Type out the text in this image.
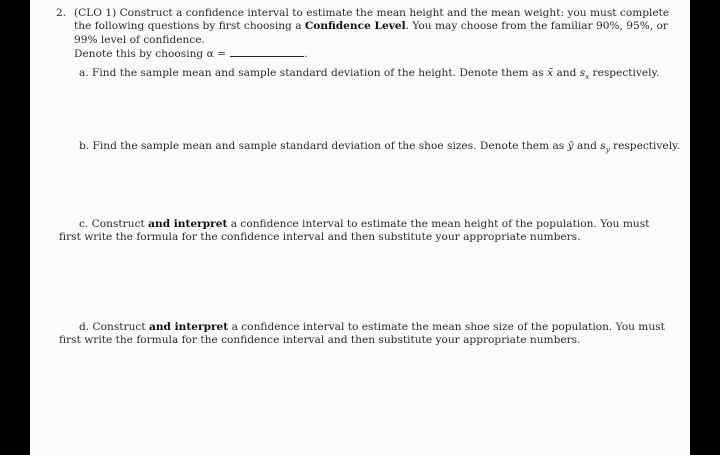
2. (CLO 1) Construct a confidence interval to estimate the mean height and the mean weight: you must complete
the following questions by first choosing a Confidence Level. You may choose from the familiar 90%, 95%, or
99% level of confidence.
Denote this by choosing α =	.
a. Find the sample mean and sample standard deviation of the height. Denote them as x̄ and $s_x$ respectively.
b. Find the sample mean and sample standard deviation of the shoe sizes. Denote them as ȳ and $s_y$ respectively.
c. Construct and interpret a confidence interval to estimate the mean height of the population. You must
first write the formula for the confidence interval and then substitute your appropriate numbers.
d. Construct and interpret a confidence interval to estimate the mean shoe size of the population. You must
first write the formula for the confidence interval and then substitute your appropriate numbers.
